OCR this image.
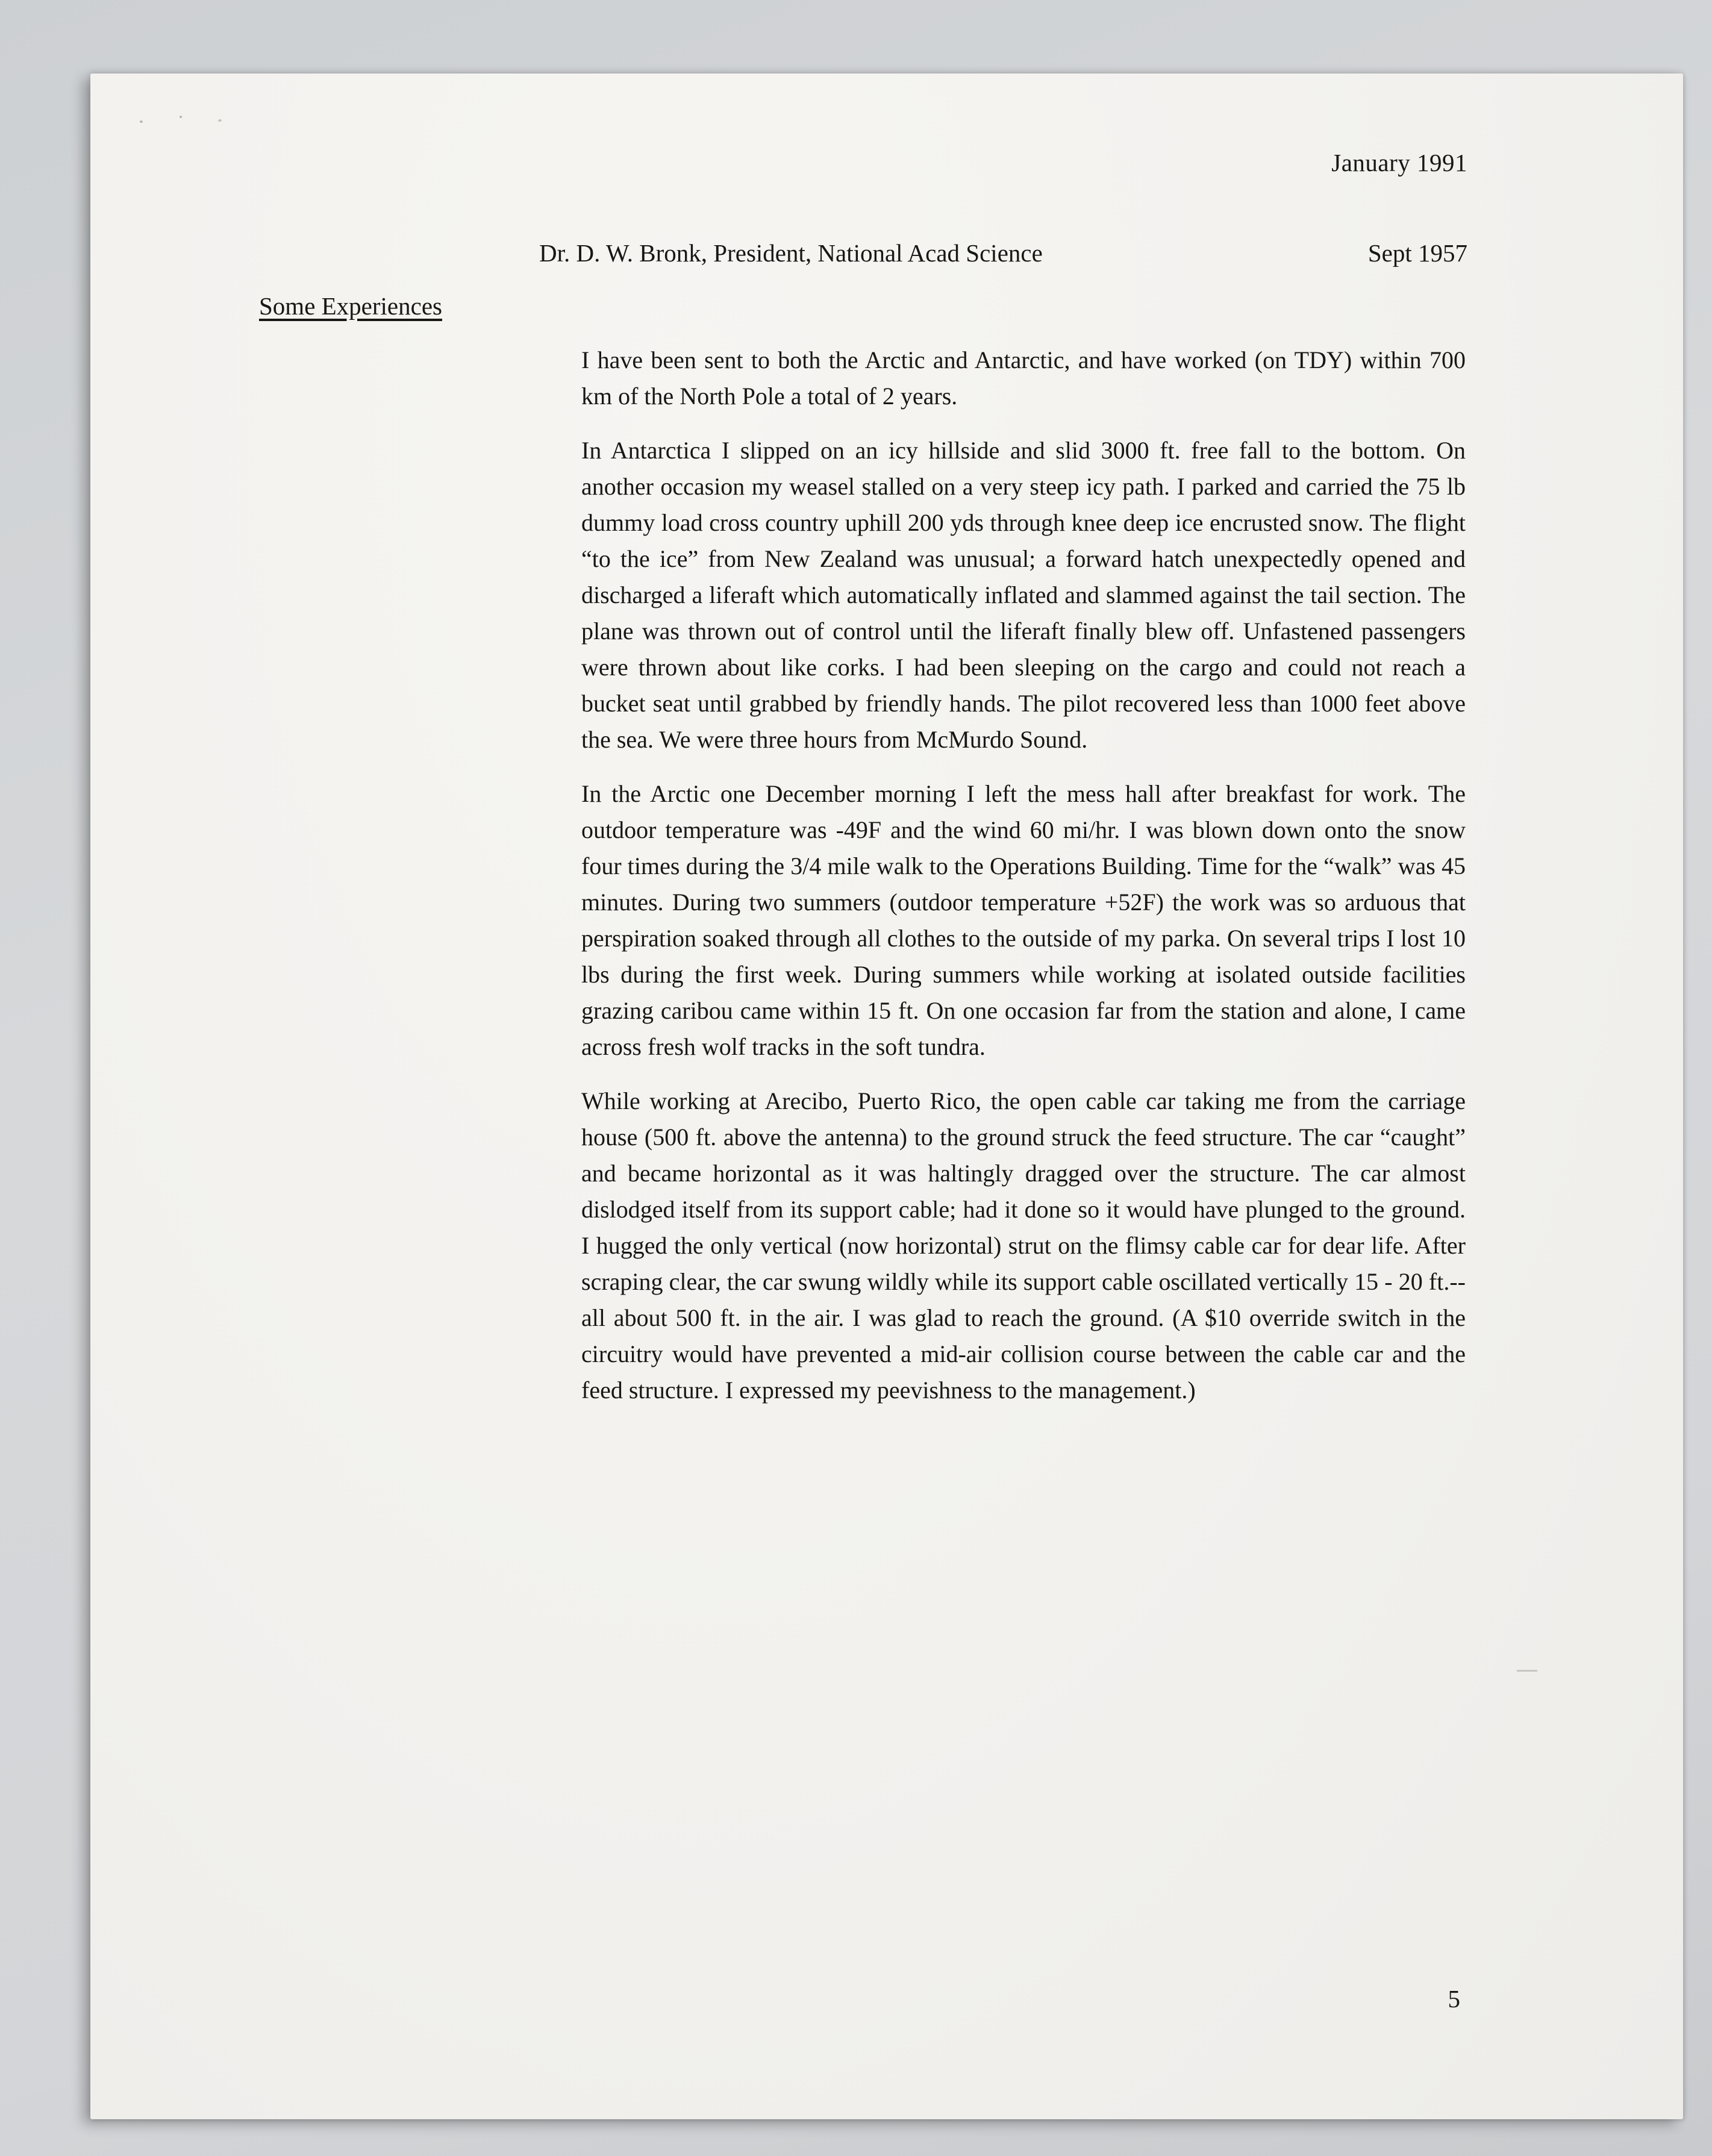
January 1991
Dr. D. W. Bronk, President, National Acad Science	Sept 1957
Some Experiences

I have been sent to both the Arctic and Antarctic, and have worked (on TDY) within 700 km of the North Pole a total of 2 years.

In Antarctica I slipped on an icy hillside and slid 3000 ft. free fall to the bottom. On another occasion my weasel stalled on a very steep icy path. I parked and carried the 75 lb dummy load cross country uphill 200 yds through knee deep ice encrusted snow. The flight “to the ice” from New Zealand was unusual; a forward hatch unexpectedly opened and discharged a liferaft which automatically inflated and slammed against the tail section. The plane was thrown out of control until the liferaft finally blew off. Unfastened passengers were thrown about like corks. I had been sleeping on the cargo and could not reach a bucket seat until grabbed by friendly hands. The pilot recovered less than 1000 feet above the sea. We were three hours from McMurdo Sound.

In the Arctic one December morning I left the mess hall after breakfast for work. The outdoor temperature was -49F and the wind 60 mi/hr. I was blown down onto the snow four times during the 3/4 mile walk to the Operations Building. Time for the “walk” was 45 minutes. During two summers (outdoor temperature +52F) the work was so arduous that perspiration soaked through all clothes to the outside of my parka. On several trips I lost 10 lbs during the first week. During summers while working at isolated outside facilities grazing caribou came within 15 ft. On one occasion far from the station and alone, I came across fresh wolf tracks in the soft tundra.

While working at Arecibo, Puerto Rico, the open cable car taking me from the carriage house (500 ft. above the antenna) to the ground struck the feed structure. The car “caught” and became horizontal as it was haltingly dragged over the structure. The car almost dislodged itself from its support cable; had it done so it would have plunged to the ground. I hugged the only vertical (now horizontal) strut on the flimsy cable car for dear life. After scraping clear, the car swung wildly while its support cable oscillated vertically 15 - 20 ft.--all about 500 ft. in the air. I was glad to reach the ground. (A $10 override switch in the circuitry would have prevented a mid-air collision course between the cable car and the feed structure. I expressed my peevishness to the management.)

5
